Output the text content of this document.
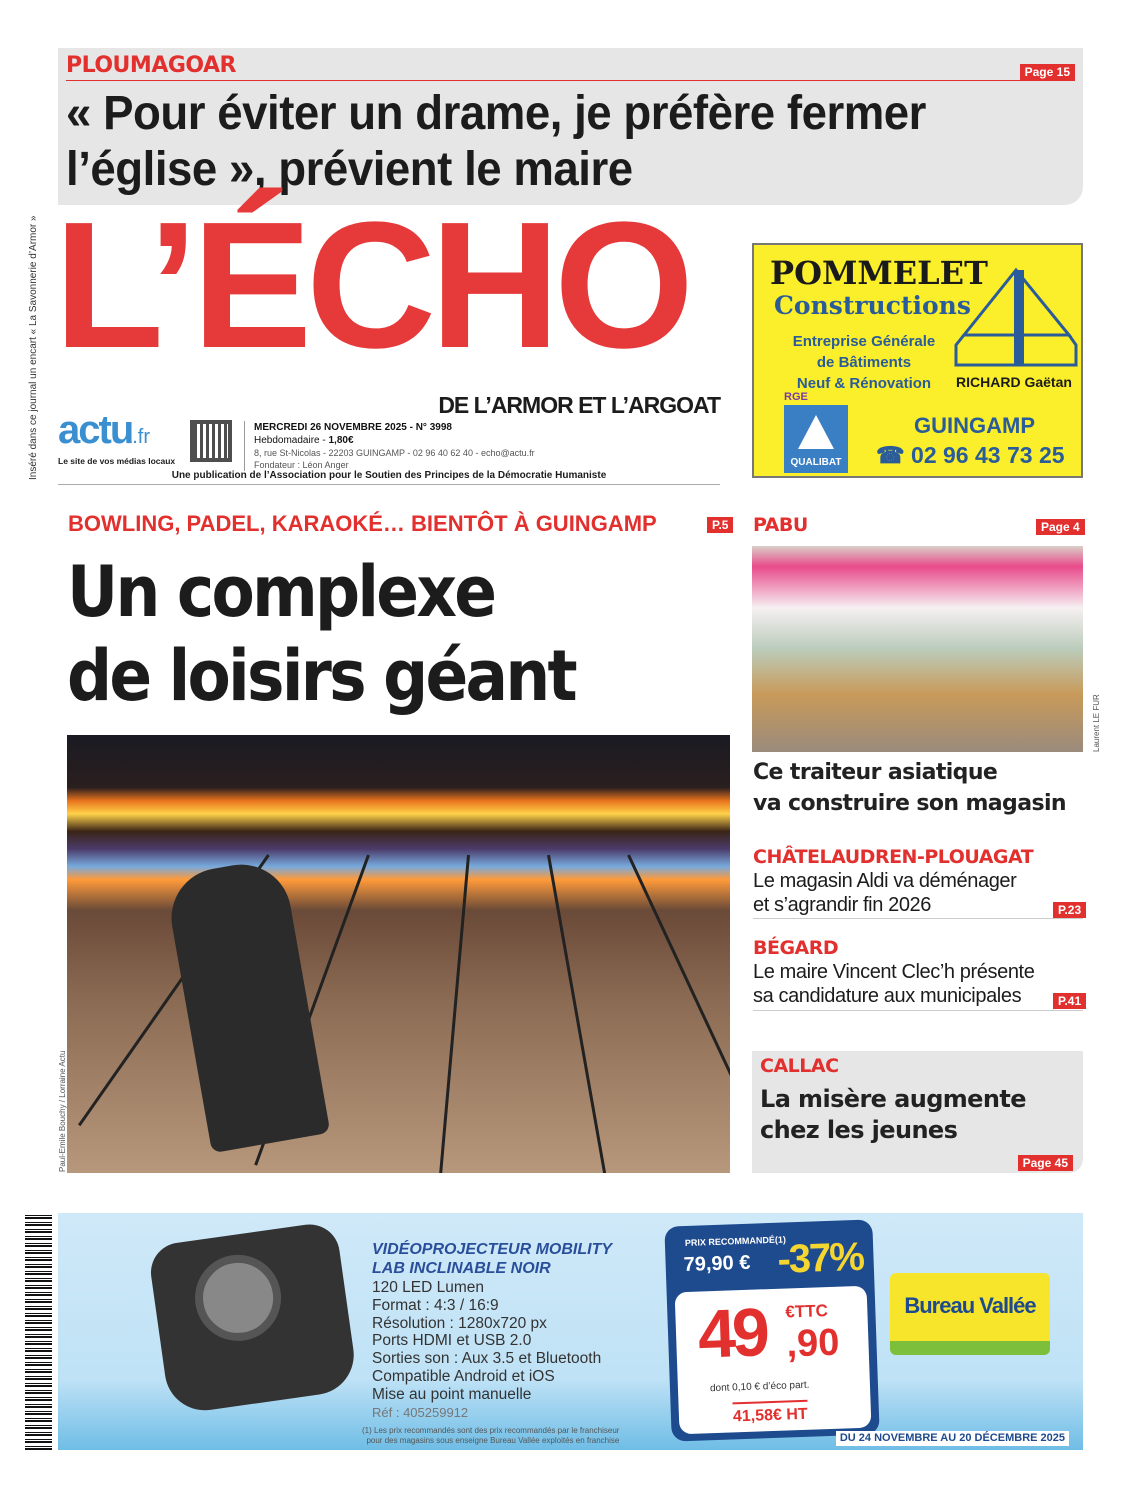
PLOUMAGOAR	Page 15
« Pour éviter un drame, je préfère fermer
l’église », prévient le maire
Inséré dans ce journal un encart « La Savonnerie d’Armor » L’ÉCHO
DE L’ARMOR ET L’ARGOAT
actu.fr
Le site de vos médias locaux
MERCREDI 26 NOVEMBRE 2025 - N° 3998
Hebdomadaire - 1,80€
8, rue St-Nicolas - 22203 GUINGAMP - 02 96 40 62 40 - echo@actu.fr
Fondateur : Léon Anger
Une publication de l’Association pour le Soutien des Principes de la Démocratie Humaniste
POMMELET
Constructions
Entreprise Générale
de Bâtiments
Neuf & Rénovation	RICHARD Gaëtan
QUALIBAT
RGE
GUINGAMP
☎ 02 96 43 73 25
BOWLING, PADEL, KARAOKÉ… BIENTÔT À GUINGAMP	P.5
Un complexe
de loisirs géant
Paul-Emile Bouchy / Lorraine Actu
PABU	Page 4
Laurent LE FUR
Ce traiteur asiatique
va construire son magasin
CHÂTELAUDREN-PLOUAGAT
Le magasin Aldi va déménager
et s’agrandir fin 2026	P.23
BÉGARD
Le maire Vincent Clec’h présente
sa candidature aux municipales	P.41
CALLAC
La misère augmente
chez les jeunes
Page 45
VIDÉOPROJECTEUR MOBILITY
LAB INCLINABLE NOIR
120 LED Lumen
Format : 4:3 / 16:9
Résolution : 1280x720 px
Ports HDMI et USB 2.0
Sorties son : Aux 3.5 et Bluetooth
Compatible Android et iOS
Mise au point manuelle
Réf : 405259912
(1) Les prix recommandés sont des prix recommandés par le franchiseur
pour des magasins sous enseigne Bureau Vallée exploités en franchise
PRIX RECOMMANDÉ(1)
79,90 € -37%
49 €TTC
,90
dont 0,10 € d’éco part.
41,58€ HT
Bureau Vallée
DU 24 NOVEMBRE AU 20 DÉCEMBRE 2025
